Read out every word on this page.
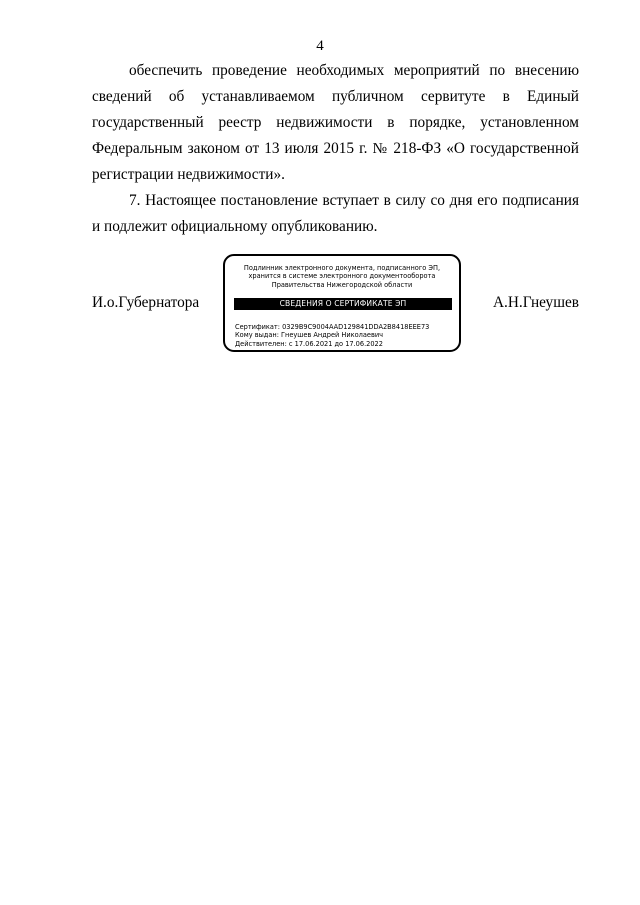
4
обеспечить проведение необходимых мероприятий по внесению
сведений об устанавливаемом публичном сервитуте в Единый
государственный реестр недвижимости в порядке, установленном
Федеральным законом от 13 июля 2015 г. № 218-ФЗ «О государственной
регистрации недвижимости».
7. Настоящее постановление вступает в силу со дня его подписания
и подлежит официальному опубликованию.
И.о.Губернатора
Подлинник электронного документа, подписанного ЭП,
хранится в системе электронного документооборота
Правительства Нижегородской области
СВЕДЕНИЯ О СЕРТИФИКАТЕ ЭП
Сертификат: 0329B9C9004AAD129841DDA2B8418EEE73
Кому выдан: Гнеушев Андрей Николаевич
Действителен: с 17.06.2021 до 17.06.2022
А.Н.Гнеушев
